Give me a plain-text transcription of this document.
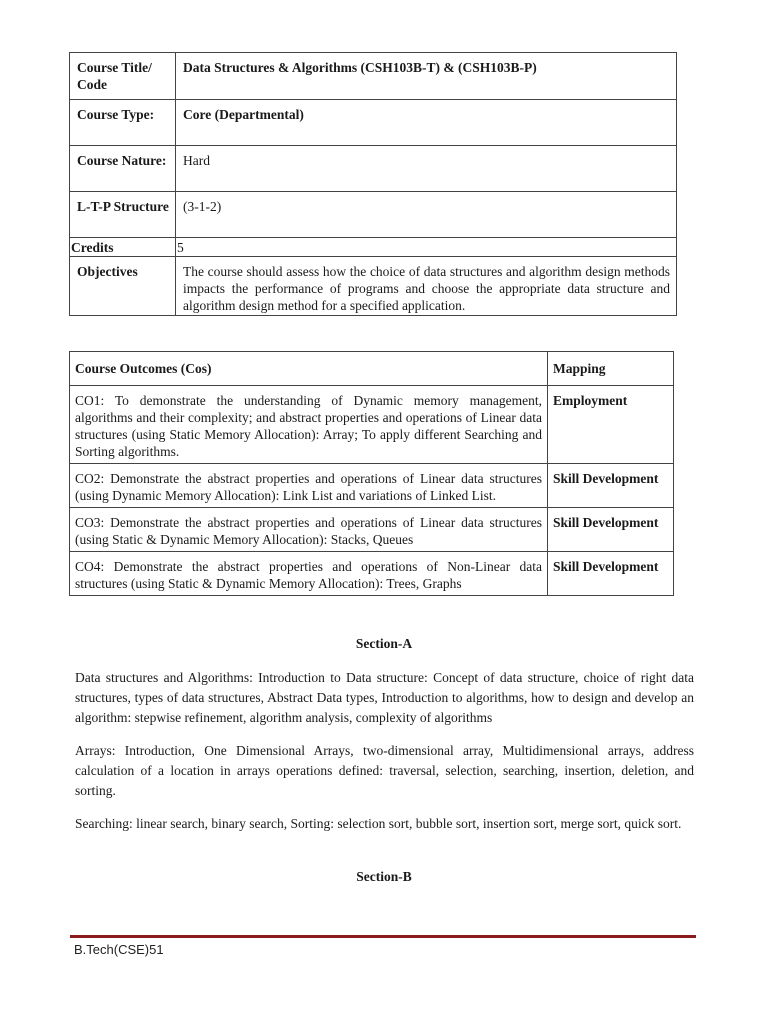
Course Title/ Code	Data Structures & Algorithms (CSH103B-T) & (CSH103B-P)
Course Type:	Core (Departmental)
Course Nature:	Hard
L-T-P Structure	(3-1-2)
Credits	5
Objectives	The course should assess how the choice of data structures and algorithm design methods impacts the performance of programs and choose the appropriate data structure and algorithm design method for a specified application.
Course Outcomes (Cos)	Mapping
CO1: To demonstrate the understanding of Dynamic memory management, algorithms and their complexity; and abstract properties and operations of Linear data structures (using Static Memory Allocation): Array; To apply different Searching and Sorting algorithms.	Employment
CO2: Demonstrate the abstract properties and operations of Linear data structures (using Dynamic Memory Allocation): Link List and variations of Linked List.	Skill Development
CO3: Demonstrate the abstract properties and operations of Linear data structures (using Static & Dynamic Memory Allocation): Stacks, Queues	Skill Development
CO4: Demonstrate the abstract properties and operations of Non-Linear data structures (using Static & Dynamic Memory Allocation): Trees, Graphs	Skill Development
Section-A

Data structures and Algorithms: Introduction to Data structure: Concept of data structure, choice of right data structures, types of data structures, Abstract Data types, Introduction to algorithms, how to design and develop an algorithm: stepwise refinement, algorithm analysis, complexity of algorithms

Arrays: Introduction, One Dimensional Arrays, two-dimensional array, Multidimensional arrays, address calculation of a location in arrays operations defined: traversal, selection, searching, insertion, deletion, and sorting.

Searching: linear search, binary search, Sorting: selection sort, bubble sort, insertion sort, merge sort, quick sort.

Section-B
B.Tech(CSE)51
